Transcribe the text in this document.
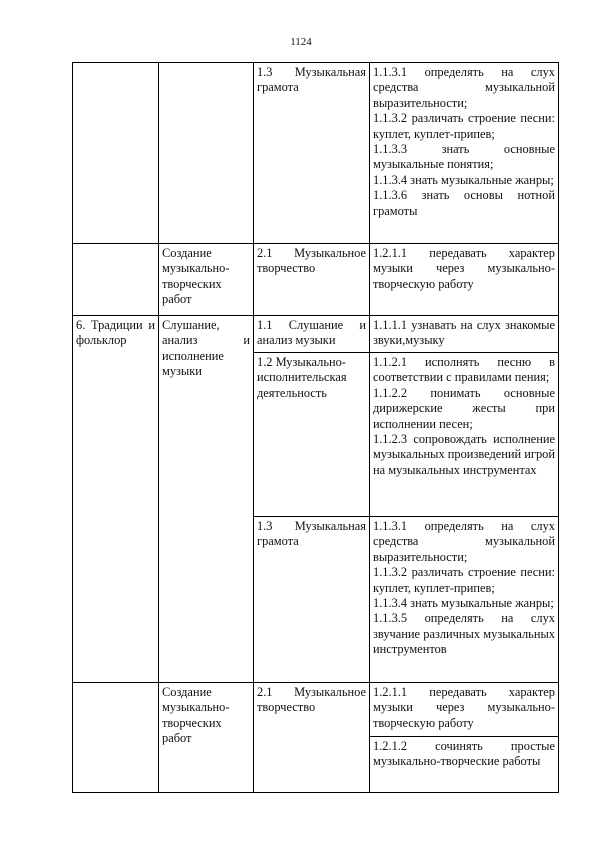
1124

		1.3 Музыкальная грамота	1.1.3.1 определять на слух средства музыкальной выразительности;
1.1.3.2 различать строение песни: куплет, куплет-припев;
1.1.3.3 знать основные музыкальные понятия;
1.1.3.4 знать музыкальные жанры;
1.1.3.6 знать основы нотной грамоты

	Создание музыкально-творческих работ	2.1 Музыкальное творчество	1.2.1.1 передавать характер музыки через музыкально-творческую работу

6. Традиции и фольклор	Слушание, анализ и исполнение музыки	1.1 Слушание и анализ музыки	1.1.1.1 узнавать на слух знакомые звуки,музыку

		1.2 Музыкально-исполнительская деятельность	1.1.2.1 исполнять песню в соответствии с правилами пения;
1.1.2.2 понимать основные дирижерские жесты при исполнении песен;
1.1.2.3 сопровождать исполнение музыкальных произведений игрой на музыкальных инструментах

		1.3 Музыкальная грамота	1.1.3.1 определять на слух средства музыкальной выразительности;
1.1.3.2 различать строение песни: куплет, куплет-припев;
1.1.3.4 знать музыкальные жанры;
1.1.3.5 определять на слух звучание различных музыкальных инструментов

	Создание музыкально-творческих работ	2.1 Музыкальное творчество	1.2.1.1 передавать характер музыки через музыкально-творческую работу

			1.2.1.2 сочинять простые музыкально-творческие работы
